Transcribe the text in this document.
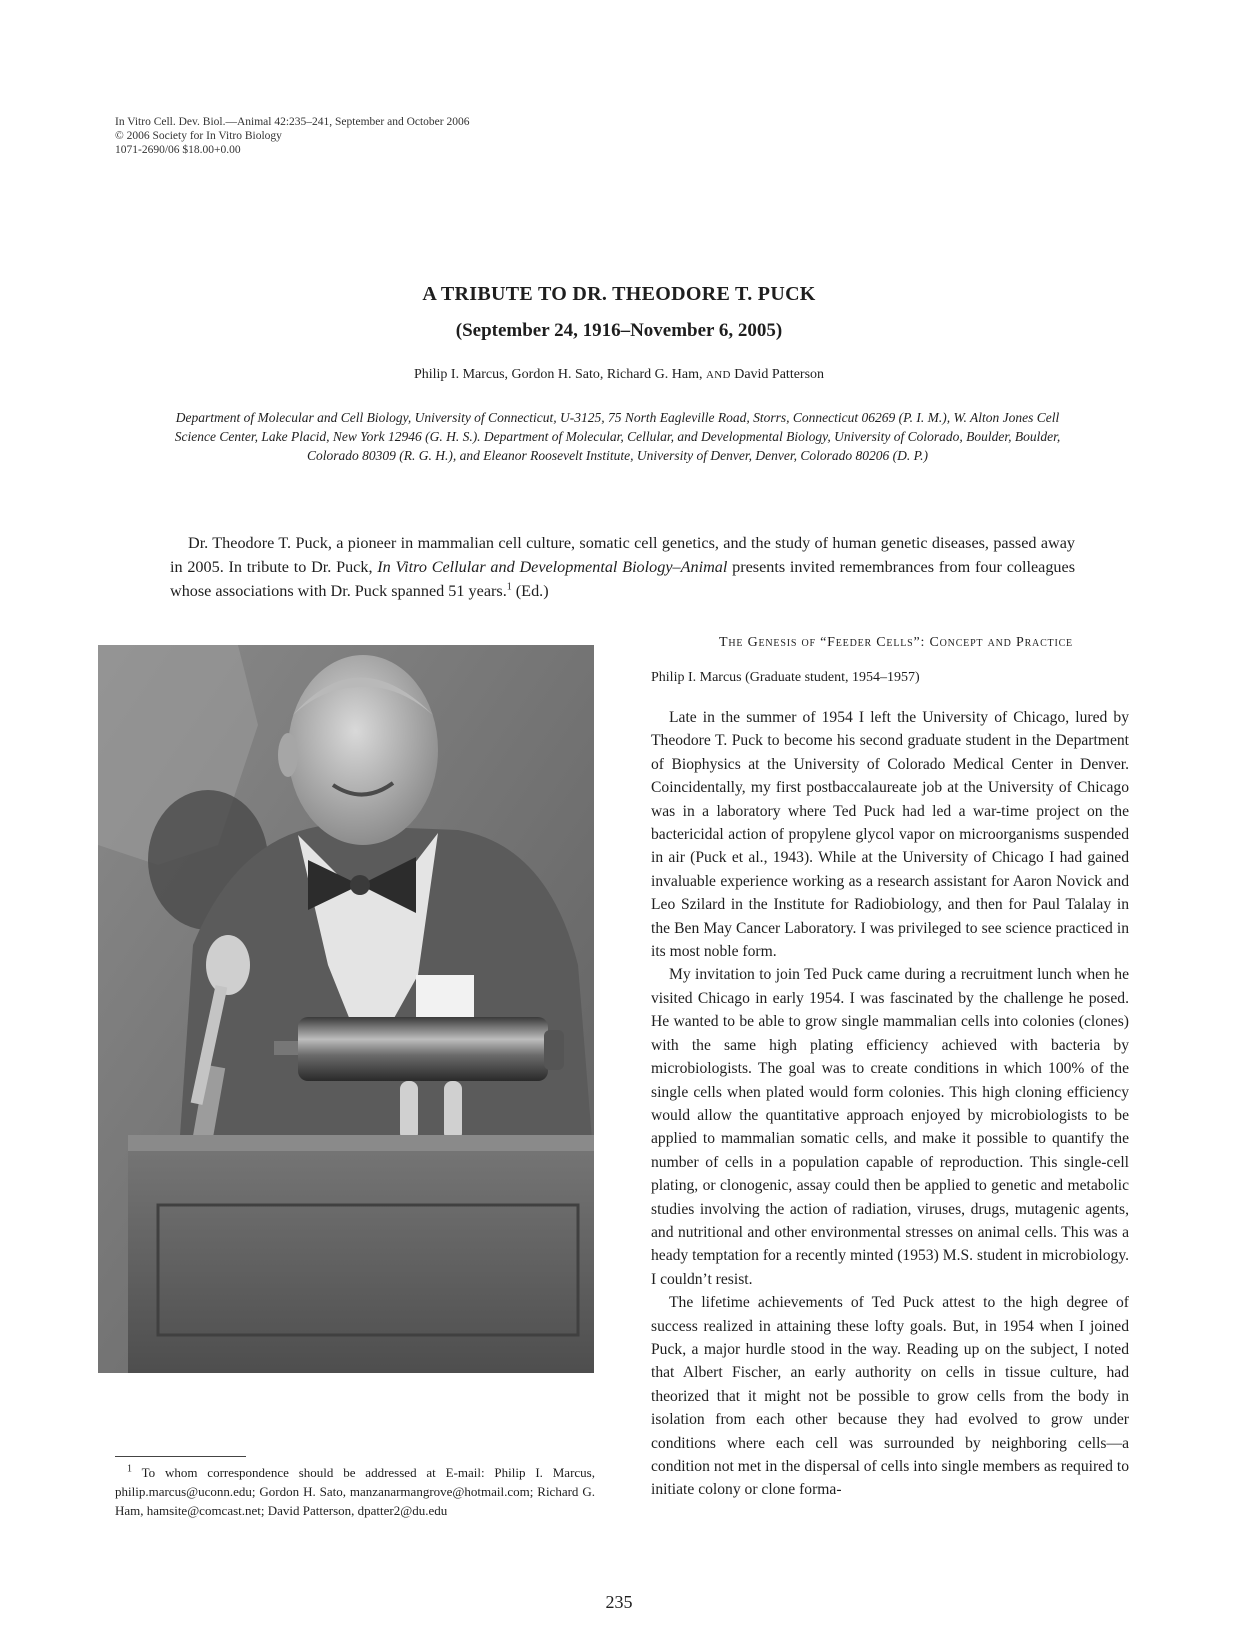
In Vitro Cell. Dev. Biol.—Animal 42:235–241, September and October 2006
© 2006 Society for In Vitro Biology
1071-2690/06 $18.00+0.00
A TRIBUTE TO DR. THEODORE T. PUCK
(September 24, 1916–November 6, 2005)
Philip I. Marcus, Gordon H. Sato, Richard G. Ham, AND David Patterson
Department of Molecular and Cell Biology, University of Connecticut, U-3125, 75 North Eagleville Road, Storrs, Connecticut 06269 (P. I. M.), W. Alton Jones Cell Science Center, Lake Placid, New York 12946 (G. H. S.). Department of Molecular, Cellular, and Developmental Biology, University of Colorado, Boulder, Boulder, Colorado 80309 (R. G. H.), and Eleanor Roosevelt Institute, University of Denver, Denver, Colorado 80206 (D. P.)

Dr. Theodore T. Puck, a pioneer in mammalian cell culture, somatic cell genetics, and the study of human genetic diseases, passed away in 2005. In tribute to Dr. Puck, In Vitro Cellular and Developmental Biology–Animal presents invited remembrances from four colleagues whose associations with Dr. Puck spanned 51 years.$^1$ (Ed.)

$^1$ To whom correspondence should be addressed at E-mail: Philip I. Marcus, philip.marcus@uconn.edu; Gordon H. Sato, manzanarmangrove@hotmail.com; Richard G. Ham, hamsite@comcast.net; David Patterson, dpatter2@du.edu

The Genesis of “Feeder Cells”: Concept and Practice
Philip I. Marcus (Graduate student, 1954–1957)

Late in the summer of 1954 I left the University of Chicago, lured by Theodore T. Puck to become his second graduate student in the Department of Biophysics at the University of Colorado Medical Center in Denver. Coincidentally, my first postbaccalaureate job at the University of Chicago was in a laboratory where Ted Puck had led a war-time project on the bactericidal action of propylene glycol vapor on microorganisms suspended in air (Puck et al., 1943). While at the University of Chicago I had gained invaluable experience working as a research assistant for Aaron Novick and Leo Szilard in the Institute for Radiobiology, and then for Paul Talalay in the Ben May Cancer Laboratory. I was privileged to see science practiced in its most noble form.

My invitation to join Ted Puck came during a recruitment lunch when he visited Chicago in early 1954. I was fascinated by the challenge he posed. He wanted to be able to grow single mammalian cells into colonies (clones) with the same high plating efficiency achieved with bacteria by microbiologists. The goal was to create conditions in which 100% of the single cells when plated would form colonies. This high cloning efficiency would allow the quantitative approach enjoyed by microbiologists to be applied to mammalian somatic cells, and make it possible to quantify the number of cells in a population capable of reproduction. This single-cell plating, or clonogenic, assay could then be applied to genetic and metabolic studies involving the action of radiation, viruses, drugs, mutagenic agents, and nutritional and other environmental stresses on animal cells. This was a heady temptation for a recently minted (1953) M.S. student in microbiology. I couldn’t resist.

The lifetime achievements of Ted Puck attest to the high degree of success realized in attaining these lofty goals. But, in 1954 when I joined Puck, a major hurdle stood in the way. Reading up on the subject, I noted that Albert Fischer, an early authority on cells in tissue culture, had theorized that it might not be possible to grow cells from the body in isolation from each other because they had evolved to grow under conditions where each cell was surrounded by neighboring cells—a condition not met in the dispersal of cells into single members as required to initiate colony or clone forma-

235
